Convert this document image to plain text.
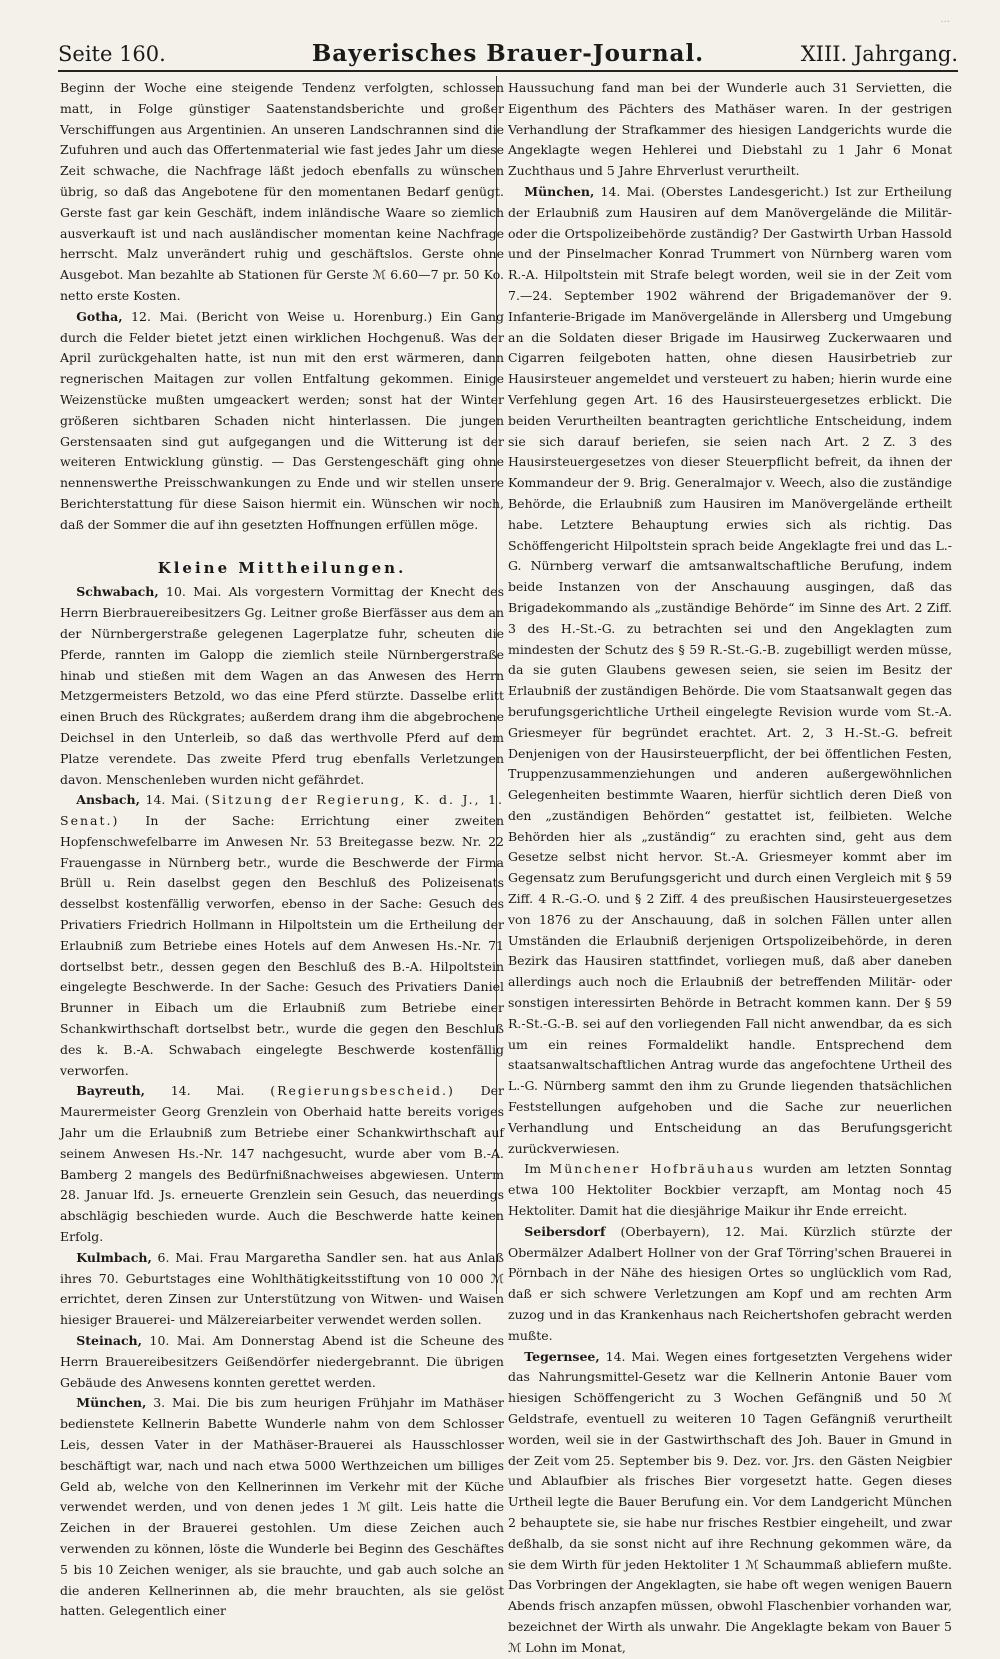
...
Seite 160.	Bayerisches Brauer-Journal.	XIII. Jahrgang.

Beginn der Woche eine steigende Tendenz verfolgten, schlossen matt, in Folge günstiger Saatenstandsberichte und großer Verschiffungen aus Argentinien. An unseren Landschrannen sind die Zufuhren und auch das Offertenmaterial wie fast jedes Jahr um diese Zeit schwache, die Nachfrage läßt jedoch ebenfalls zu wünschen übrig, so daß das Angebotene für den momentanen Bedarf genügt. Gerste fast gar kein Geschäft, indem inländische Waare so ziemlich ausverkauft ist und nach ausländischer momentan keine Nachfrage herrscht. Malz unverändert ruhig und geschäftslos. Gerste ohne Ausgebot. Man bezahlte ab Stationen für Gerste ℳ 6.60—7 pr. 50 Ko. netto erste Kosten.

Gotha, 12. Mai. (Bericht von Weise u. Horenburg.) Ein Gang durch die Felder bietet jetzt einen wirklichen Hochgenuß. Was der April zurückgehalten hatte, ist nun mit den erst wärmeren, dann regnerischen Maitagen zur vollen Entfaltung gekommen. Einige Weizenstücke mußten umgeackert werden; sonst hat der Winter größeren sichtbaren Schaden nicht hinterlassen. Die jungen Gerstensaaten sind gut aufgegangen und die Witterung ist der weiteren Entwicklung günstig. — Das Gerstengeschäft ging ohne nennenswerthe Preisschwankungen zu Ende und wir stellen unsere Berichterstattung für diese Saison hiermit ein. Wünschen wir noch, daß der Sommer die auf ihn gesetzten Hoffnungen erfüllen möge.

Kleine Mittheilungen.

Schwabach, 10. Mai. Als vorgestern Vormittag der Knecht des Herrn Bierbrauereibesitzers Gg. Leitner große Bierfässer aus dem an der Nürnbergerstraße gelegenen Lagerplatze fuhr, scheuten die Pferde, rannten im Galopp die ziemlich steile Nürnbergerstraße hinab und stießen mit dem Wagen an das Anwesen des Herrn Metzgermeisters Betzold, wo das eine Pferd stürzte. Dasselbe erlitt einen Bruch des Rückgrates; außerdem drang ihm die abgebrochene Deichsel in den Unterleib, so daß das werthvolle Pferd auf dem Platze verendete. Das zweite Pferd trug ebenfalls Verletzungen davon. Menschenleben wurden nicht gefährdet.

Ansbach, 14. Mai. (Sitzung der Regierung, K. d. J., 1. Senat.) In der Sache: Errichtung einer zweiten Hopfenschwefelbarre im Anwesen Nr. 53 Breitegasse bezw. Nr. 22 Frauengasse in Nürnberg betr., wurde die Beschwerde der Firma Brüll u. Rein daselbst gegen den Beschluß des Polizeisenats desselbst kostenfällig verworfen, ebenso in der Sache: Gesuch des Privatiers Friedrich Hollmann in Hilpoltstein um die Ertheilung der Erlaubniß zum Betriebe eines Hotels auf dem Anwesen Hs.-Nr. 71 dortselbst betr., dessen gegen den Beschluß des B.-A. Hilpoltstein eingelegte Beschwerde. In der Sache: Gesuch des Privatiers Daniel Brunner in Eibach um die Erlaubniß zum Betriebe einer Schankwirthschaft dortselbst betr., wurde die gegen den Beschluß des k. B.-A. Schwabach eingelegte Beschwerde kostenfällig verworfen.

Bayreuth, 14. Mai. (Regierungsbescheid.) Der Maurermeister Georg Grenzlein von Oberhaid hatte bereits voriges Jahr um die Erlaubniß zum Betriebe einer Schankwirthschaft auf seinem Anwesen Hs.-Nr. 147 nachgesucht, wurde aber vom B.-A. Bamberg 2 mangels des Bedürfnißnachweises abgewiesen. Unterm 28. Januar lfd. Js. erneuerte Grenzlein sein Gesuch, das neuerdings abschlägig beschieden wurde. Auch die Beschwerde hatte keinen Erfolg.

Kulmbach, 6. Mai. Frau Margaretha Sandler sen. hat aus Anlaß ihres 70. Geburtstages eine Wohlthätigkeitsstiftung von 10 000 ℳ errichtet, deren Zinsen zur Unterstützung von Witwen- und Waisen hiesiger Brauerei- und Mälzereiarbeiter verwendet werden sollen.

Steinach, 10. Mai. Am Donnerstag Abend ist die Scheune des Herrn Brauereibesitzers Geißendörfer niedergebrannt. Die übrigen Gebäude des Anwesens konnten gerettet werden.

München, 3. Mai. Die bis zum heurigen Frühjahr im Mathäser bedienstete Kellnerin Babette Wunderle nahm von dem Schlosser Leis, dessen Vater in der Mathäser-Brauerei als Hausschlosser beschäftigt war, nach und nach etwa 5000 Werthzeichen um billiges Geld ab, welche von den Kellnerinnen im Verkehr mit der Küche verwendet werden, und von denen jedes 1 ℳ gilt. Leis hatte die Zeichen in der Brauerei gestohlen. Um diese Zeichen auch verwenden zu können, löste die Wunderle bei Beginn des Geschäftes 5 bis 10 Zeichen weniger, als sie brauchte, und gab auch solche an die anderen Kellnerinnen ab, die mehr brauchten, als sie gelöst hatten. Gelegentlich einer

Haussuchung fand man bei der Wunderle auch 31 Servietten, die Eigenthum des Pächters des Mathäser waren. In der gestrigen Verhandlung der Strafkammer des hiesigen Landgerichts wurde die Angeklagte wegen Hehlerei und Diebstahl zu 1 Jahr 6 Monat Zuchthaus und 5 Jahre Ehrverlust verurtheilt.

München, 14. Mai. (Oberstes Landesgericht.) Ist zur Ertheilung der Erlaubniß zum Hausiren auf dem Manövergelände die Militär- oder die Ortspolizeibehörde zuständig? Der Gastwirth Urban Hassold und der Pinselmacher Konrad Trummert von Nürnberg waren vom R.-A. Hilpoltstein mit Strafe belegt worden, weil sie in der Zeit vom 7.—24. September 1902 während der Brigademanöver der 9. Infanterie-Brigade im Manövergelände in Allersberg und Umgebung an die Soldaten dieser Brigade im Hausirweg Zuckerwaaren und Cigarren feilgeboten hatten, ohne diesen Hausirbetrieb zur Hausirsteuer angemeldet und versteuert zu haben; hierin wurde eine Verfehlung gegen Art. 16 des Hausirsteuergesetzes erblickt. Die beiden Verurtheilten beantragten gerichtliche Entscheidung, indem sie sich darauf beriefen, sie seien nach Art. 2 Z. 3 des Hausirsteuergesetzes von dieser Steuerpflicht befreit, da ihnen der Kommandeur der 9. Brig. Generalmajor v. Weech, also die zuständige Behörde, die Erlaubniß zum Hausiren im Manövergelände ertheilt habe. Letztere Behauptung erwies sich als richtig. Das Schöffengericht Hilpoltstein sprach beide Angeklagte frei und das L.-G. Nürnberg verwarf die amtsanwaltschaftliche Berufung, indem beide Instanzen von der Anschauung ausgingen, daß das Brigadekommando als „zuständige Behörde“ im Sinne des Art. 2 Ziff. 3 des H.-St.-G. zu betrachten sei und den Angeklagten zum mindesten der Schutz des § 59 R.-St.-G.-B. zugebilligt werden müsse, da sie guten Glaubens gewesen seien, sie seien im Besitz der Erlaubniß der zuständigen Behörde. Die vom Staatsanwalt gegen das berufungsgerichtliche Urtheil eingelegte Revision wurde vom St.-A. Griesmeyer für begründet erachtet. Art. 2, 3 H.-St.-G. befreit Denjenigen von der Hausirsteuerpflicht, der bei öffentlichen Festen, Truppenzusammenziehungen und anderen außergewöhnlichen Gelegenheiten bestimmte Waaren, hierfür sichtlich deren Dieß von den „zuständigen Behörden“ gestattet ist, feilbieten. Welche Behörden hier als „zuständig“ zu erachten sind, geht aus dem Gesetze selbst nicht hervor. St.-A. Griesmeyer kommt aber im Gegensatz zum Berufungsgericht und durch einen Vergleich mit § 59 Ziff. 4 R.-G.-O. und § 2 Ziff. 4 des preußischen Hausirsteuergesetzes von 1876 zu der Anschauung, daß in solchen Fällen unter allen Umständen die Erlaubniß derjenigen Ortspolizeibehörde, in deren Bezirk das Hausiren stattfindet, vorliegen muß, daß aber daneben allerdings auch noch die Erlaubniß der betreffenden Militär- oder sonstigen interessirten Behörde in Betracht kommen kann. Der § 59 R.-St.-G.-B. sei auf den vorliegenden Fall nicht anwendbar, da es sich um ein reines Formaldelikt handle. Entsprechend dem staatsanwaltschaftlichen Antrag wurde das angefochtene Urtheil des L.-G. Nürnberg sammt den ihm zu Grunde liegenden thatsächlichen Feststellungen aufgehoben und die Sache zur neuerlichen Verhandlung und Entscheidung an das Berufungsgericht zurückverwiesen.

Im Münchener Hofbräuhaus wurden am letzten Sonntag etwa 100 Hektoliter Bockbier verzapft, am Montag noch 45 Hektoliter. Damit hat die diesjährige Maikur ihr Ende erreicht.

Seibersdorf (Oberbayern), 12. Mai. Kürzlich stürzte der Obermälzer Adalbert Hollner von der Graf Törring'schen Brauerei in Pörnbach in der Nähe des hiesigen Ortes so unglücklich vom Rad, daß er sich schwere Verletzungen am Kopf und am rechten Arm zuzog und in das Krankenhaus nach Reichertshofen gebracht werden mußte.

Tegernsee, 14. Mai. Wegen eines fortgesetzten Vergehens wider das Nahrungsmittel-Gesetz war die Kellnerin Antonie Bauer vom hiesigen Schöffengericht zu 3 Wochen Gefängniß und 50 ℳ Geldstrafe, eventuell zu weiteren 10 Tagen Gefängniß verurtheilt worden, weil sie in der Gastwirthschaft des Joh. Bauer in Gmund in der Zeit vom 25. September bis 9. Dez. vor. Jrs. den Gästen Neigbier und Ablaufbier als frisches Bier vorgesetzt hatte. Gegen dieses Urtheil legte die Bauer Berufung ein. Vor dem Landgericht München 2 behauptete sie, sie habe nur frisches Restbier eingeheilt, und zwar deßhalb, da sie sonst nicht auf ihre Rechnung gekommen wäre, da sie dem Wirth für jeden Hektoliter 1 ℳ Schaummaß abliefern mußte. Das Vorbringen der Angeklagten, sie habe oft wegen wenigen Bauern Abends frisch anzapfen müssen, obwohl Flaschenbier vorhanden war, bezeichnet der Wirth als unwahr. Die Angeklagte bekam von Bauer 5 ℳ Lohn im Monat,
